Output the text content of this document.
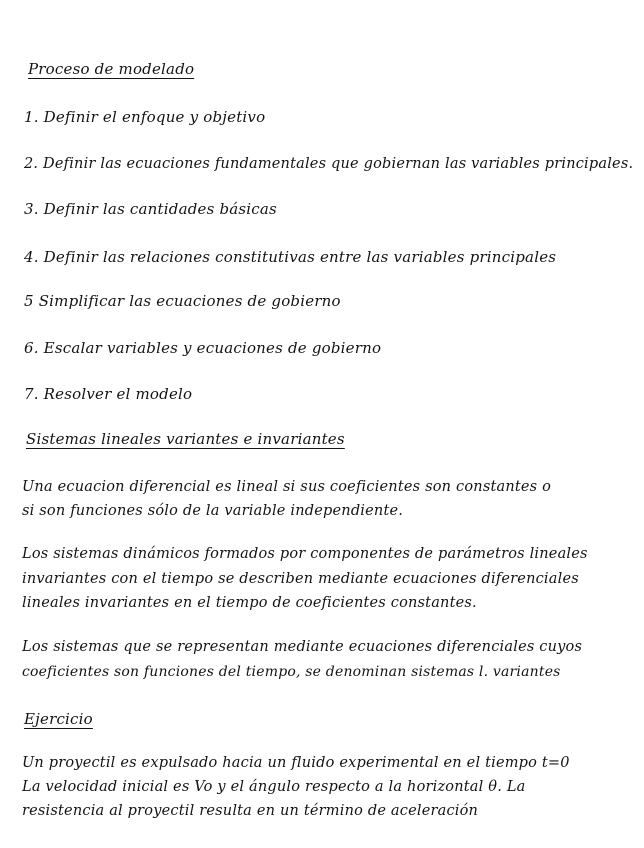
Proceso de modelado
1. Definir el enfoque y objetivo
2. Definir las ecuaciones fundamentales que gobiernan las variables principales.
3. Definir las cantidades básicas
4. Definir las relaciones constitutivas entre las variables principales
5 Simplificar las ecuaciones de gobierno
6. Escalar variables y ecuaciones de gobierno
7. Resolver el modelo
Sistemas lineales variantes e invariantes
Una ecuacion diferencial es lineal si sus coeficientes son constantes o
si son funciones sólo de la variable independiente.
Los sistemas dinámicos formados por componentes de parámetros lineales
invariantes con el tiempo se describen mediante ecuaciones diferenciales
lineales invariantes en el tiempo de coeficientes constantes.
Los sistemas que se representan mediante ecuaciones diferenciales cuyos
coeficientes son funciones del tiempo, se denominan sistemas l. variantes
Ejercicio
Un proyectil es expulsado hacia un fluido experimental en el tiempo t=0
La velocidad inicial es Vo y el ángulo respecto a la horizontal θ. La
resistencia al proyectil resulta en un término de aceleración
